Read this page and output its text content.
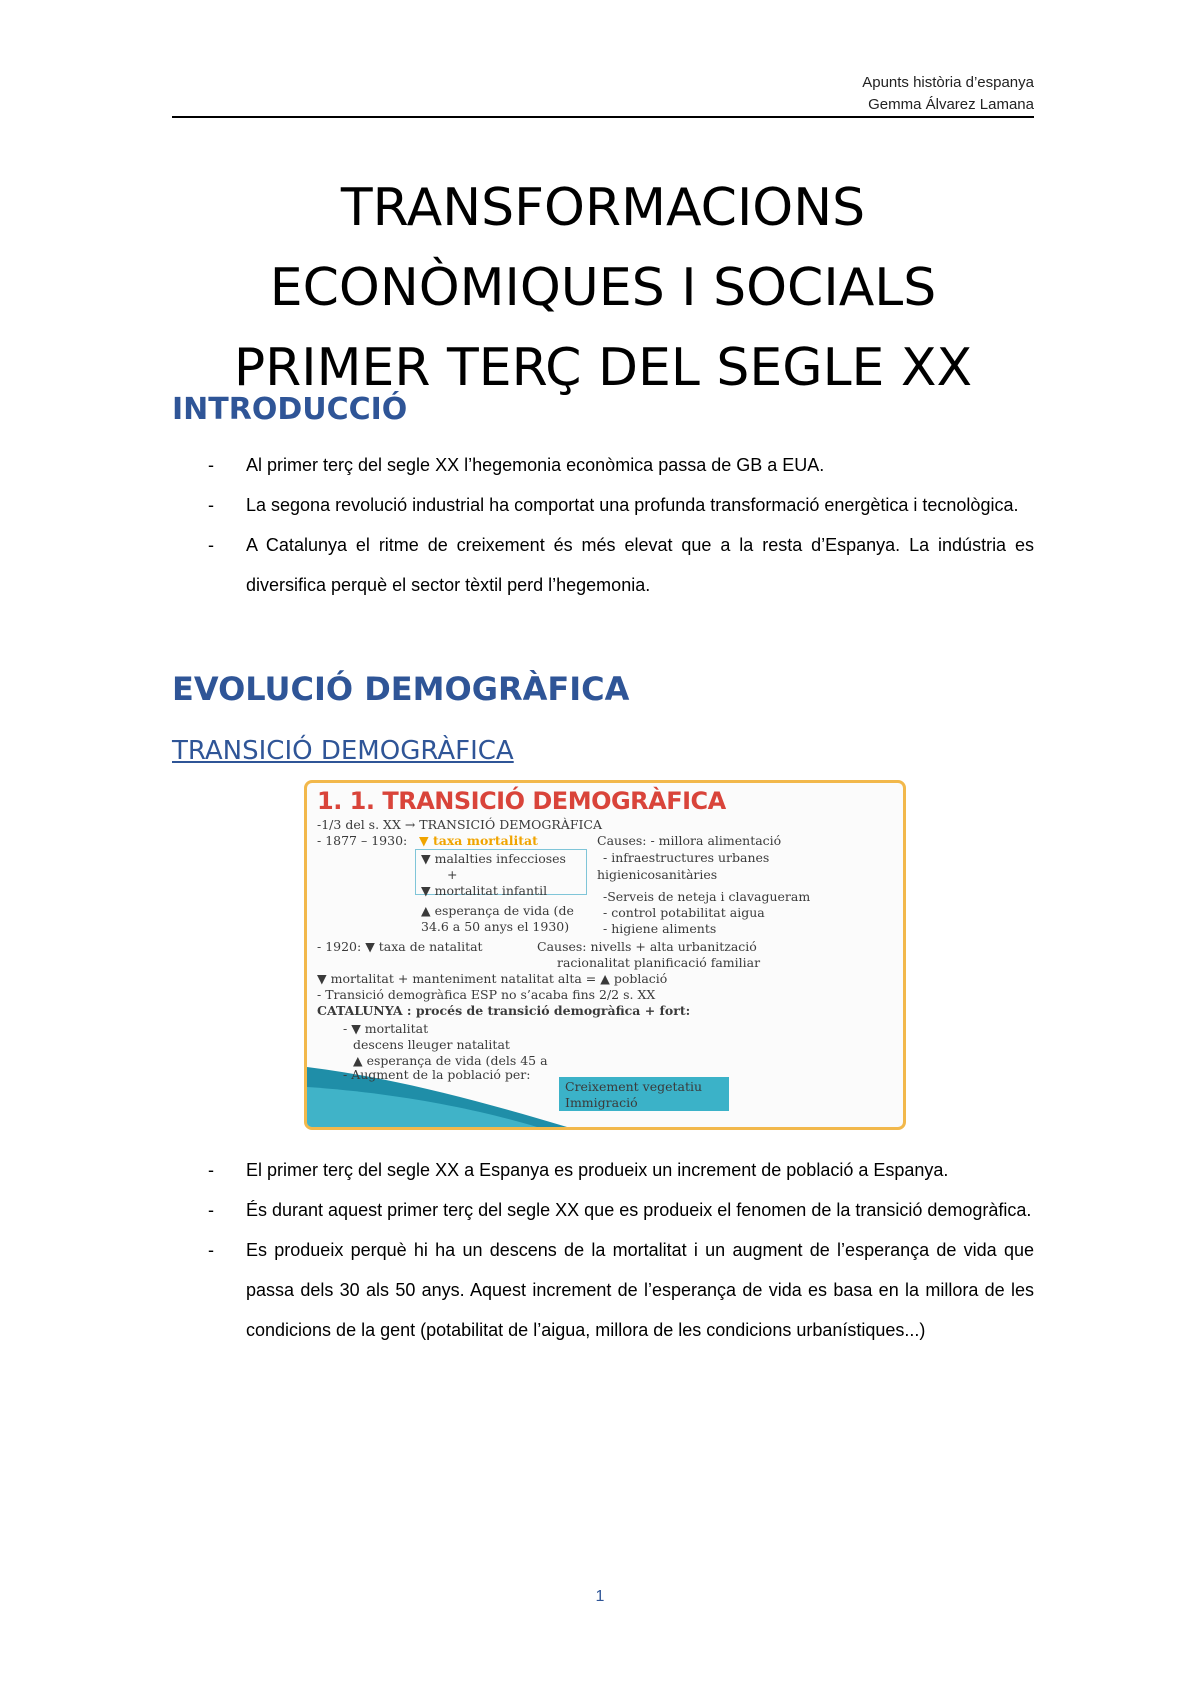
Apunts història d’espanya
Gemma Álvarez Lamana
TRANSFORMACIONS
ECONÒMIQUES I SOCIALS
PRIMER TERÇ DEL SEGLE XX
INTRODUCCIÓ
- Al primer terç del segle XX l’hegemonia econòmica passa de GB a EUA.
- La segona revolució industrial ha comportat una profunda transformació energètica i tecnològica.
- A Catalunya el ritme de creixement és més elevat que a la resta d’Espanya. La indústria es diversifica perquè el sector tèxtil perd l’hegemonia.
EVOLUCIÓ DEMOGRÀFICA
TRANSICIÓ DEMOGRÀFICA
1. 1. TRANSICIÓ DEMOGRÀFICA
-1/3 del s. XX → TRANSICIÓ DEMOGRÀFICA
- 1877 – 1930: ▼ taxa mortalitat	Causes: - millora alimentació
▼ malalties infeccioses	- infraestructures urbanes
+	higienicosanitàries
▼ mortalitat infantil	-Serveis de neteja i clavagueram
▲ esperança de vida (de - control potabilitat aigua
34.6 a 50 anys el 1930)	- higiene aliments
- 1920: ▼ taxa de natalitat	Causes: nivells + alta urbanització
racionalitat planificació familiar
▼ mortalitat + manteniment natalitat alta = ▲ població
- Transició demogràfica ESP no s’acaba fins 2/2 s. XX
CATALUNYA : procés de transició demogràfica + fort:
- ▼ mortalitat
descens lleuger natalitat
▲ esperança de vida (dels 45 a
- Augment de la població per:
Creixement vegetatiu
Immigració
- El primer terç del segle XX a Espanya es produeix un increment de població a Espanya.
- És durant aquest primer terç del segle XX que es produeix el fenomen de la transició demogràfica.
- Es produeix perquè hi ha un descens de la mortalitat i un augment de l’esperança de vida que passa dels 30 als 50 anys. Aquest increment de l’esperança de vida es basa en la millora de les condicions de la gent (potabilitat de l’aigua, millora de les condicions urbanístiques...)
1
